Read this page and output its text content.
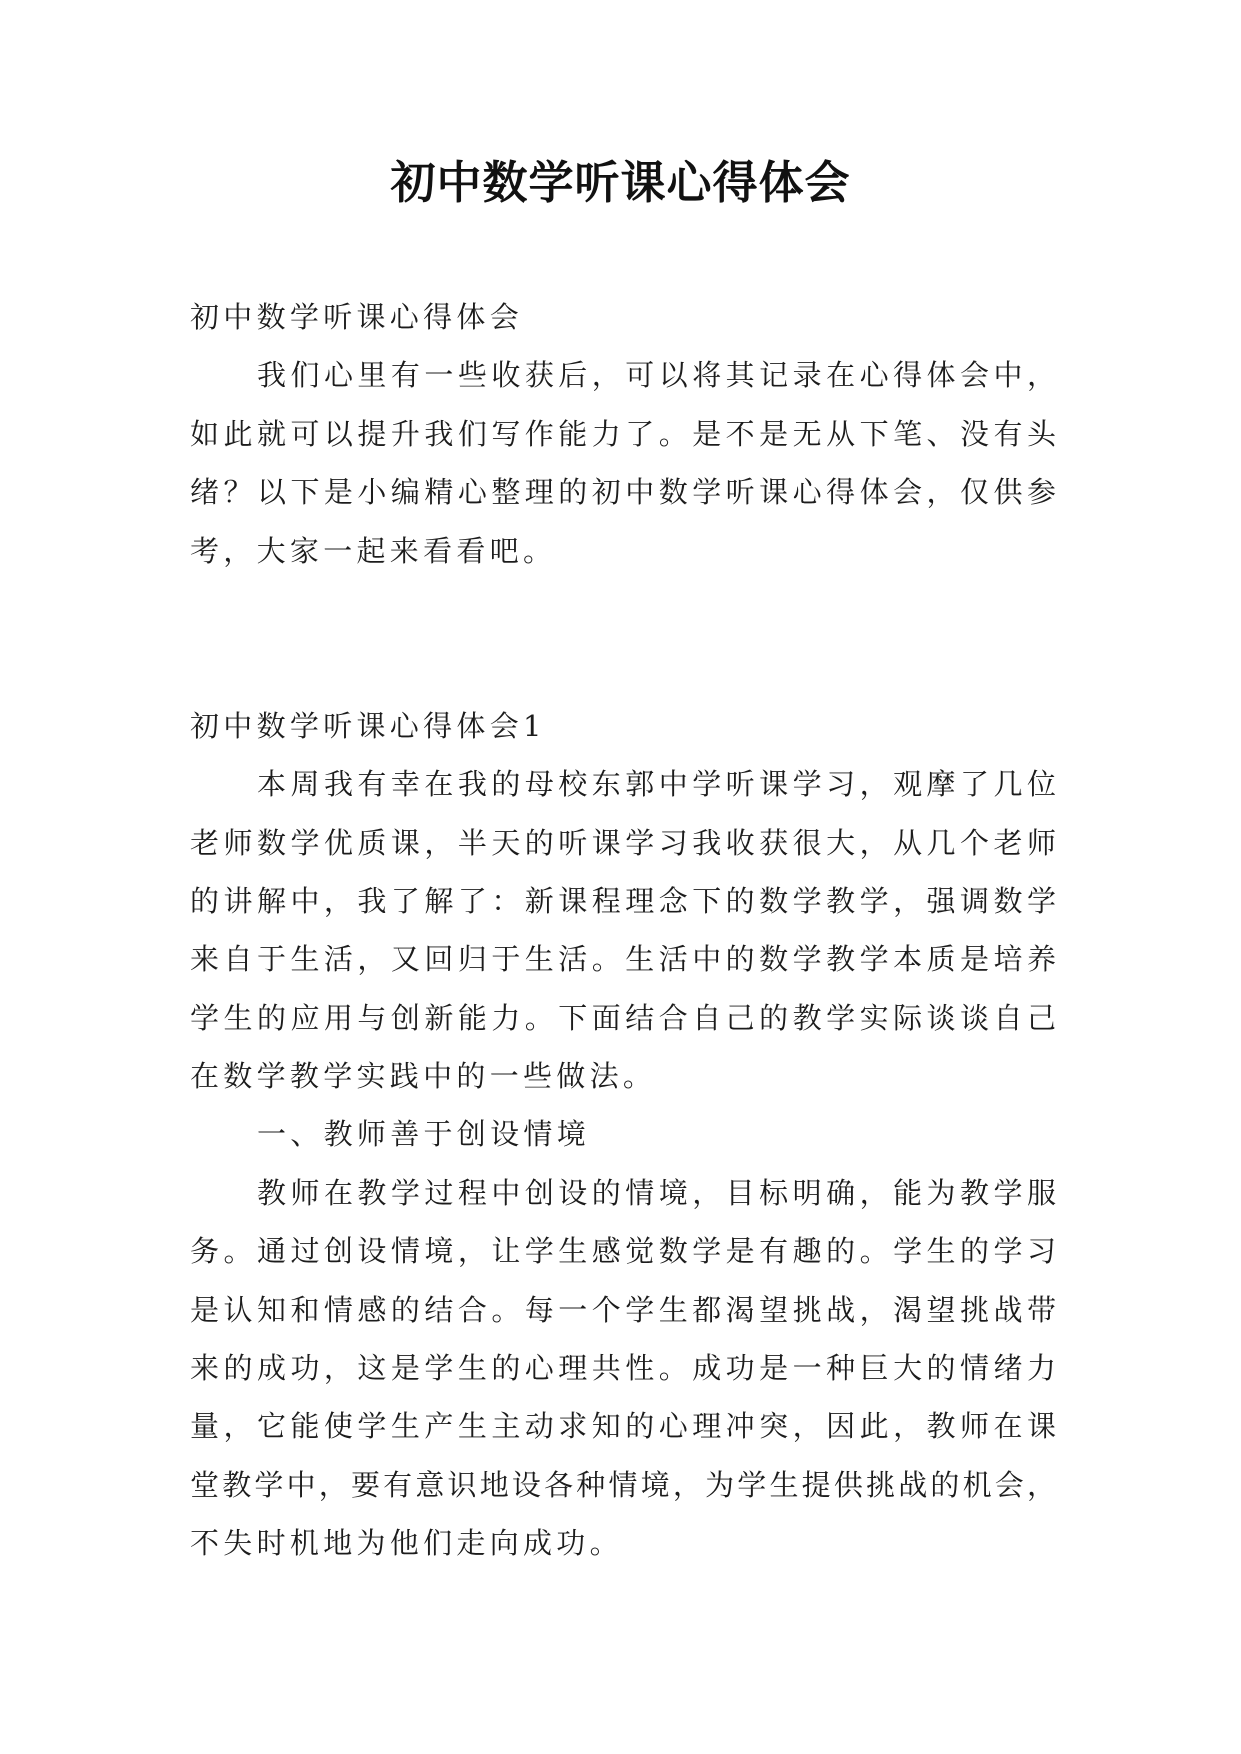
初中数学听课心得体会
初中数学听课心得体会
我们心里有一些收获后，可以将其记录在心得体会中，
如此就可以提升我们写作能力了。是不是无从下笔、没有头
绪？以下是小编精心整理的初中数学听课心得体会，仅供参
考，大家一起来看看吧。
初中数学听课心得体会1
本周我有幸在我的母校东郭中学听课学习，观摩了几位
老师数学优质课，半天的听课学习我收获很大，从几个老师
的讲解中，我了解了：新课程理念下的数学教学，强调数学
来自于生活，又回归于生活。生活中的数学教学本质是培养
学生的应用与创新能力。下面结合自己的教学实际谈谈自己
在数学教学实践中的一些做法。
一、教师善于创设情境
教师在教学过程中创设的情境，目标明确，能为教学服
务。通过创设情境，让学生感觉数学是有趣的。学生的学习
是认知和情感的结合。每一个学生都渴望挑战，渴望挑战带
来的成功，这是学生的心理共性。成功是一种巨大的情绪力
量，它能使学生产生主动求知的心理冲突，因此，教师在课
堂教学中，要有意识地设各种情境，为学生提供挑战的机会，
不失时机地为他们走向成功。
